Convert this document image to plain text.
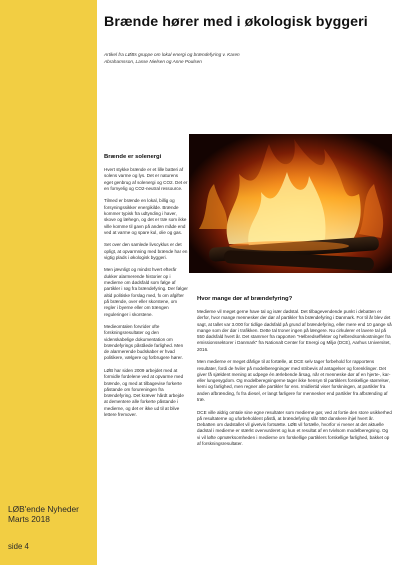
LØB'ende Nyheder
Marts 2018
side 4
Brænde hører med i økologisk byggeri
Artikel fra LØBs gruppe om lokal energi og brændefyring v. Karen Abrahamsson, Lasse Nielsen og Anne Poulsen
Brænde er solenergi

Hvert stykke brænde er et lille batteri af solens varme og lys. Det er naturens eget genbrug af solenergi og CO2. Det er en fornyelig og CO2-neutral ressource.

Tilmed er brænde en lokal, billig og forsyningssikker energikilde. Brænde kommer typisk fra udtynding i haver, skove og læhegn, og det er træ som ikke ville komme til gavn på anden måde end ved at varme og spare kul, olie og gas.

Set over den samlede livscyklus er det opligt, at opvarmning med brænde har en vigtig plads i økologisk byggeri.

Men jævnligt og mindst hvert efterår dukker alarmerende historier op i medierne om dødsfald som følge af partikler i røg fra brændefyring. Der følger altid politiske forslag med, fx om afgifter på brænde, over eller skorstene, om regler i byerne eller om trængen reguleringer i skorstene.

Medieomtalen forvrider ofte forskningsresultater og den videnskabelige dokumentation om brændefyrings påståede farlighed. Men de alarmerende budskaber er hvad politikere, vælgere og forbrugere hører.

LØB har siden 2009 arbejdet med at formidle fordelene ved at opvarme med brænde, og med at tilbagevise forkerte påstande om forureningen fra brændefyring. Det kræver hårdt arbejde at dementere alle forkerte påstande i medierne, og det er ikke ud til at blive lettere fremover.

Hvor mange dør af brændefyring?

Medierne vil meget gerne have tal og især dødstal. Det tilbagevendende punkt i debatten er derfor, hvor mange mennesker der dør af partikler fra brændefyring i Danmark. For til år blev det sagt, at tallet var 3.000 for tidlige dødsfald på grund af brændefyring, eller mere end 10 gange så mange som der dør i trafikken. Dette tal troner ingen på længere. Nu cirkulerer et lavere tal på 550 dødsfald hvert år. Det stammer fra rapporten "Helbredseffekter og helbredsomkostninger fra emissionssektorer i Danmark" fra Nationalt Center for Energi og Miljø (DCE), Aarhus Universitet, 2016.

Men medierne er meget dårlige til at fortælle, at DCE selv tager forbehold for rapportens resultater, fordi de hviler på modelberegninger med stribevis af antagelser og forenklinger. Det giver få sjældent mening at udpege én ærlebende årsag, når et menneske dør af en hjerte-, kar- eller lungesygdom. Og modelberegningerne tager ikke hensyn til partiklers forskellige størrelser, kemi og farlighed, men regner alle partikler for ens. Imidlertid viser forskningen, at partikler fra anden afbrænding, fx fra diesel, er langt farligere for mennesker end partikler fra afbrænding af træ.

DCE ville aldrig omtale sine egne resultater som medierne gør, ved at fortie den store usikkerhed på resultaterne og uforbeholdent påstå, at brændefyring slår 550 danskere ihjel hvert år. Debatten om dødstallet vil givetvis fortsætte. LØB vil fortælle, hvorfor vi mener at det aktuelle dødstal i medierne er stærkt overvurderet og kun et resultat af en tvivlsom modelberegning. Og vi vil løfte opmærksomheden i medierne om forskellige partiklers forskellige farlighed, bakket op af forskningsresultater.
